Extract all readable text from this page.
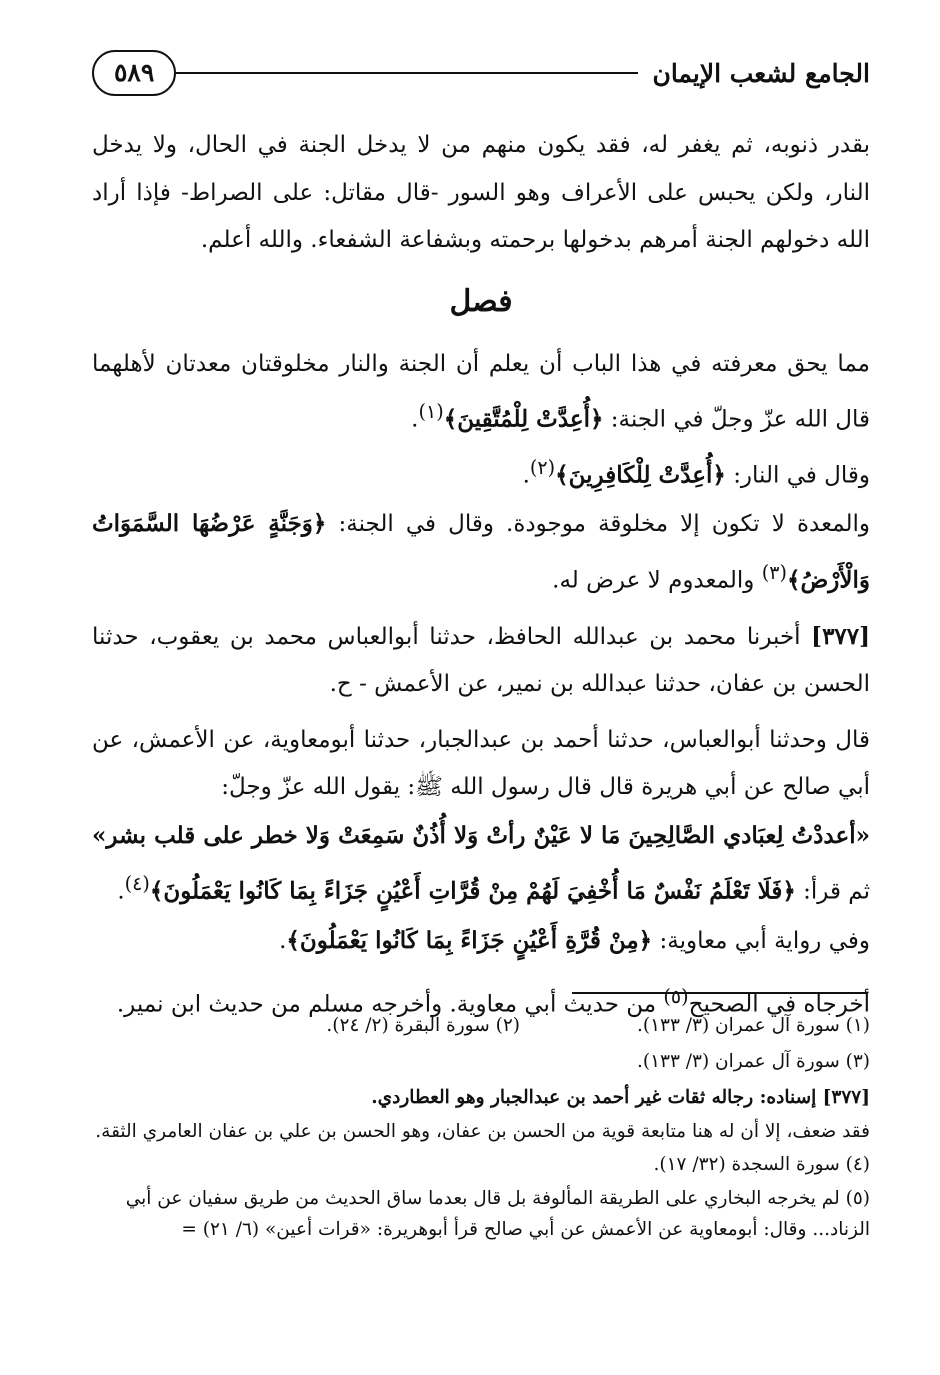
الجامع لشعب الإيمان
٥٨٩

بقدر ذنوبه، ثم يغفر له، فقد يكون منهم من لا يدخل الجنة في الحال، ولا يدخل النار، ولكن يحبس على الأعراف وهو السور -قال مقاتل: على الصراط- فإذا أراد الله دخولهم الجنة أمرهم بدخولها برحمته وبشفاعة الشفعاء. والله أعلم.

فصل

مما يحق معرفته في هذا الباب أن يعلم أن الجنة والنار مخلوقتان معدتان لأهلهما قال الله عزّ وجلّ في الجنة: ﴿أُعِدَّتْ لِلْمُتَّقِينَ﴾$^{(١)}$.

وقال في النار: ﴿أُعِدَّتْ لِلْكَافِرِينَ﴾$^{(٢)}$.

والمعدة لا تكون إلا مخلوقة موجودة. وقال في الجنة: ﴿وَجَنَّةٍ عَرْضُهَا السَّمَوَاتُ وَالْأَرْضُ﴾$^{(٣)}$ والمعدوم لا عرض له.

[٣٧٧] أخبرنا محمد بن عبدالله الحافظ، حدثنا أبوالعباس محمد بن يعقوب، حدثنا الحسن بن عفان، حدثنا عبدالله بن نمير، عن الأعمش - ح.

قال وحدثنا أبوالعباس، حدثنا أحمد بن عبدالجبار، حدثنا أبومعاوية، عن الأعمش، عن أبي صالح عن أبي هريرة قال قال رسول الله ﷺ: يقول الله عزّ وجلّ:

«أعددْتُ لِعبَادي الصَّالِحِينَ مَا لا عَيْنٌ رأتْ وَلا أُذُنٌ سَمِعَتْ وَلا خطر على قلب بشر» ثم قرأ: ﴿فَلَا تَعْلَمُ نَفْسٌ مَا أُخْفِيَ لَهُمْ مِنْ قُرَّاتِ أَعْيُنٍ جَزَاءً بِمَا كَانُوا يَعْمَلُونَ﴾$^{(٤)}$.

وفي رواية أبي معاوية: ﴿مِنْ قُرَّةِ أَعْيُنٍ جَزَاءً بِمَا كَانُوا يَعْمَلُونَ﴾.

أخرجاه في الصحيح$^{(٥)}$ من حديث أبي معاوية. وأخرجه مسلم من حديث ابن نمير.

(١) سورة آل عمران (٣/ ١٣٣).
(٢) سورة البقرة (٢/ ٢٤).

(٣) سورة آل عمران (٣/ ١٣٣).

[٣٧٧] إسناده: رجاله ثقات غير أحمد بن عبدالجبار وهو العطاردي.

فقد ضعف، إلا أن له هنا متابعة قوية من الحسن بن عفان، وهو الحسن بن علي بن عفان العامري الثقة.

(٤) سورة السجدة (٣٢/ ١٧).

(٥) لم يخرجه البخاري على الطريقة المألوفة بل قال بعدما ساق الحديث من طريق سفيان عن أبي الزناد... وقال: أبومعاوية عن الأعمش عن أبي صالح قرأ أبوهريرة: «قرات أعين» (٦/ ٢١) =
